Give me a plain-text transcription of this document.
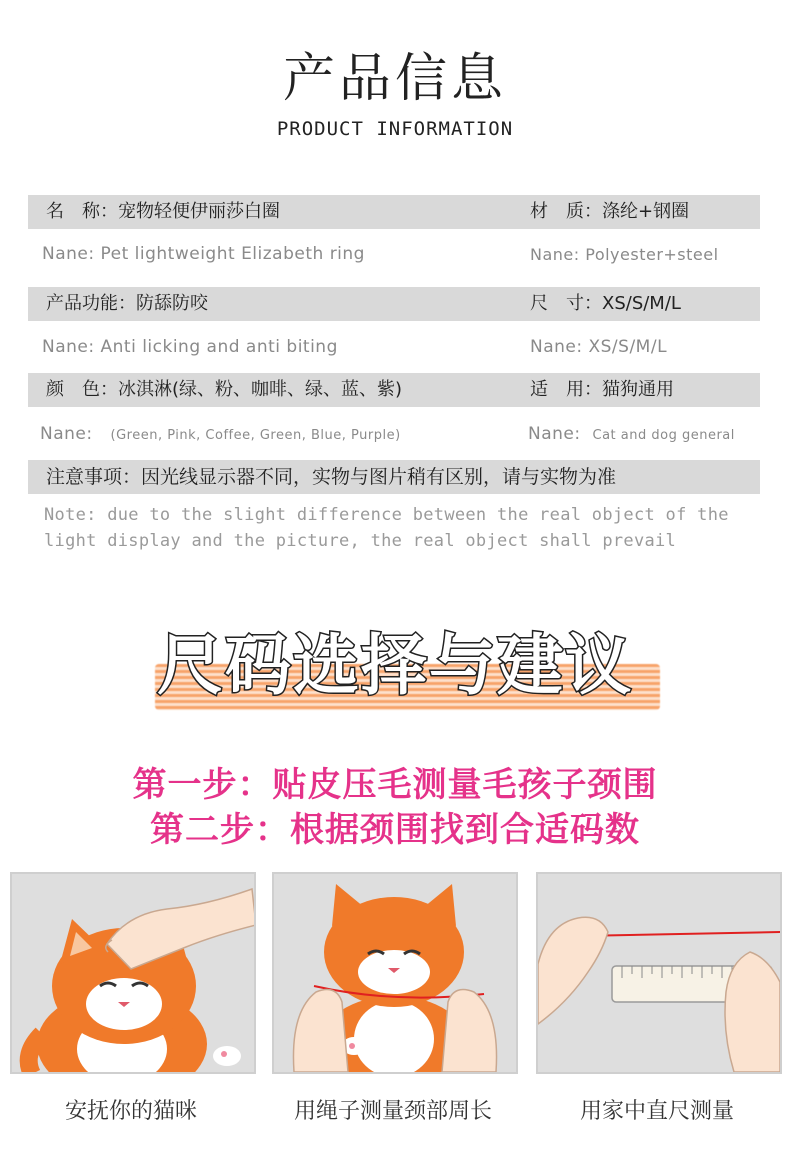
产品信息
PRODUCT INFORMATION
名　称：宠物轻便伊丽莎白圈	材　质：涤纶+钢圈
Nane: Pet lightweight Elizabeth ring	Nane: Polyester+steel
产品功能：防舔防咬	尺　寸：XS/S/M/L
Nane: Anti licking and anti biting	Nane: XS/S/M/L
颜　色：冰淇淋(绿、粉、咖啡、绿、蓝、紫)	适　用：猫狗通用
Nane: (Green, Pink, Coffee, Green, Blue, Purple)	Nane: Cat and dog general
注意事项：因光线显示器不同，实物与图片稍有区别，请与实物为准
Note: due to the slight difference between the real object of the
light display and the picture, the real object shall prevail
尺码选择与建议
第一步：贴皮压毛测量毛孩子颈围
第二步：根据颈围找到合适码数
安抚你的猫咪	用绳子测量颈部周长	用家中直尺测量
